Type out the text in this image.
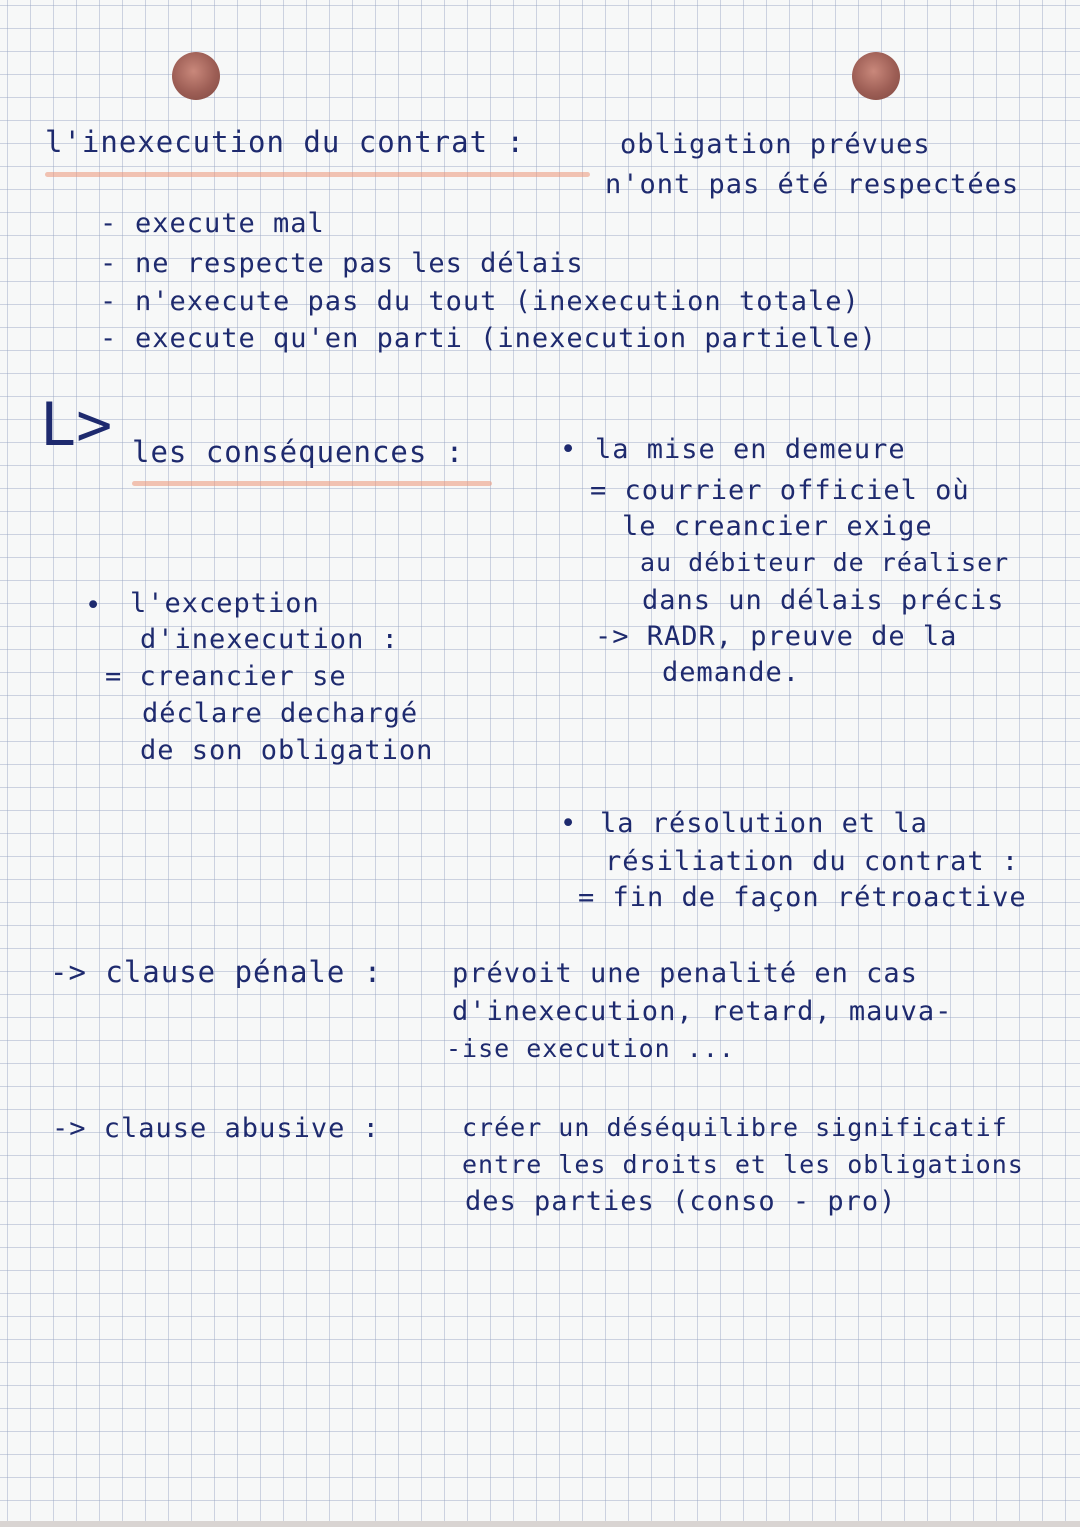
l'inexecution du contrat :	obligation prévues
n'ont pas été respectées
- execute mal
- ne respecte pas les délais
- n'execute pas du tout (inexecution totale)
- execute qu'en parti (inexecution partielle)
L> les conséquences :	• la mise en demeure
= courrier officiel où
le creancier exige
au débiteur de réaliser
dans un délais précis
-> RADR, preuve de la
demande.
• l'exception
d'inexecution :
= creancier se
déclare dechargé
de son obligation
• la résolution et la
résiliation du contrat :
= fin de façon rétroactive
-> clause pénale :	prévoit une penalité en cas
d'inexecution, retard, mauva-
-ise execution ...
-> clause abusive :	créer un déséquilibre significatif
entre les droits et les obligations
des parties (conso - pro)
